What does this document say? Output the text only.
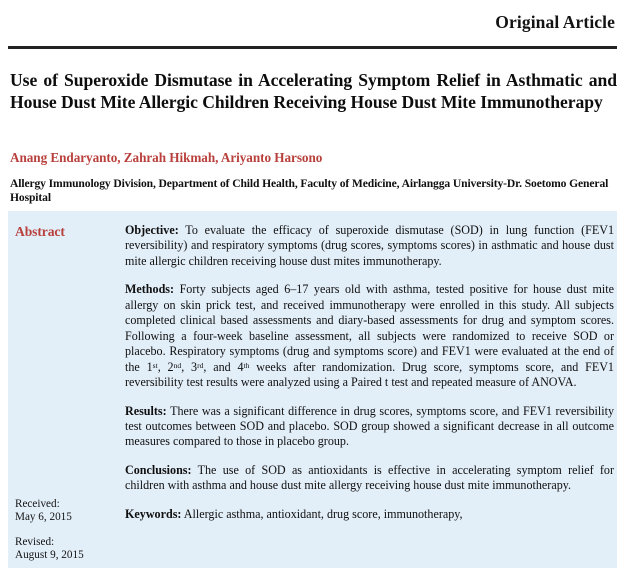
Original Article
Use of Superoxide Dismutase in Accelerating Symptom Relief in Asthmatic and House Dust Mite Allergic Children Receiving House Dust Mite Immunotherapy
Anang Endaryanto, Zahrah Hikmah, Ariyanto Harsono
Allergy Immunology Division, Department of Child Health, Faculty of Medicine, Airlangga University-Dr. Soetomo General Hospital
Abstract
Received:
May 6, 2015
Revised:
August 9, 2015

Objective: To evaluate the efficacy of superoxide dismutase (SOD) in lung function (FEV1 reversibility) and respiratory symptoms (drug scores, symptoms scores) in asthmatic and house dust mite allergic children receiving house dust mites immunotherapy.

Methods: Forty subjects aged 6–17 years old with asthma, tested positive for house dust mite allergy on skin prick test, and received immunotherapy were enrolled in this study. All subjects completed clinical based assessments and diary-based assessments for drug and symptom scores. Following a four-week baseline assessment, all subjects were randomized to receive SOD or placebo. Respiratory symptoms (drug and symptoms score) and FEV1 were evaluated at the end of the 1st, 2nd, 3rd, and 4th weeks after randomization. Drug score, symptoms score, and FEV1 reversibility test results were analyzed using a Paired t test and repeated measure of ANOVA.

Results: There was a significant difference in drug scores, symptoms score, and FEV1 reversibility test outcomes between SOD and placebo. SOD group showed a significant decrease in all outcome measures compared to those in placebo group.

Conclusions: The use of SOD as antioxidants is effective in accelerating symptom relief for children with asthma and house dust mite allergy receiving house dust mite immunotherapy.

Keywords: Allergic asthma, antioxidant, drug score, immunotherapy,
